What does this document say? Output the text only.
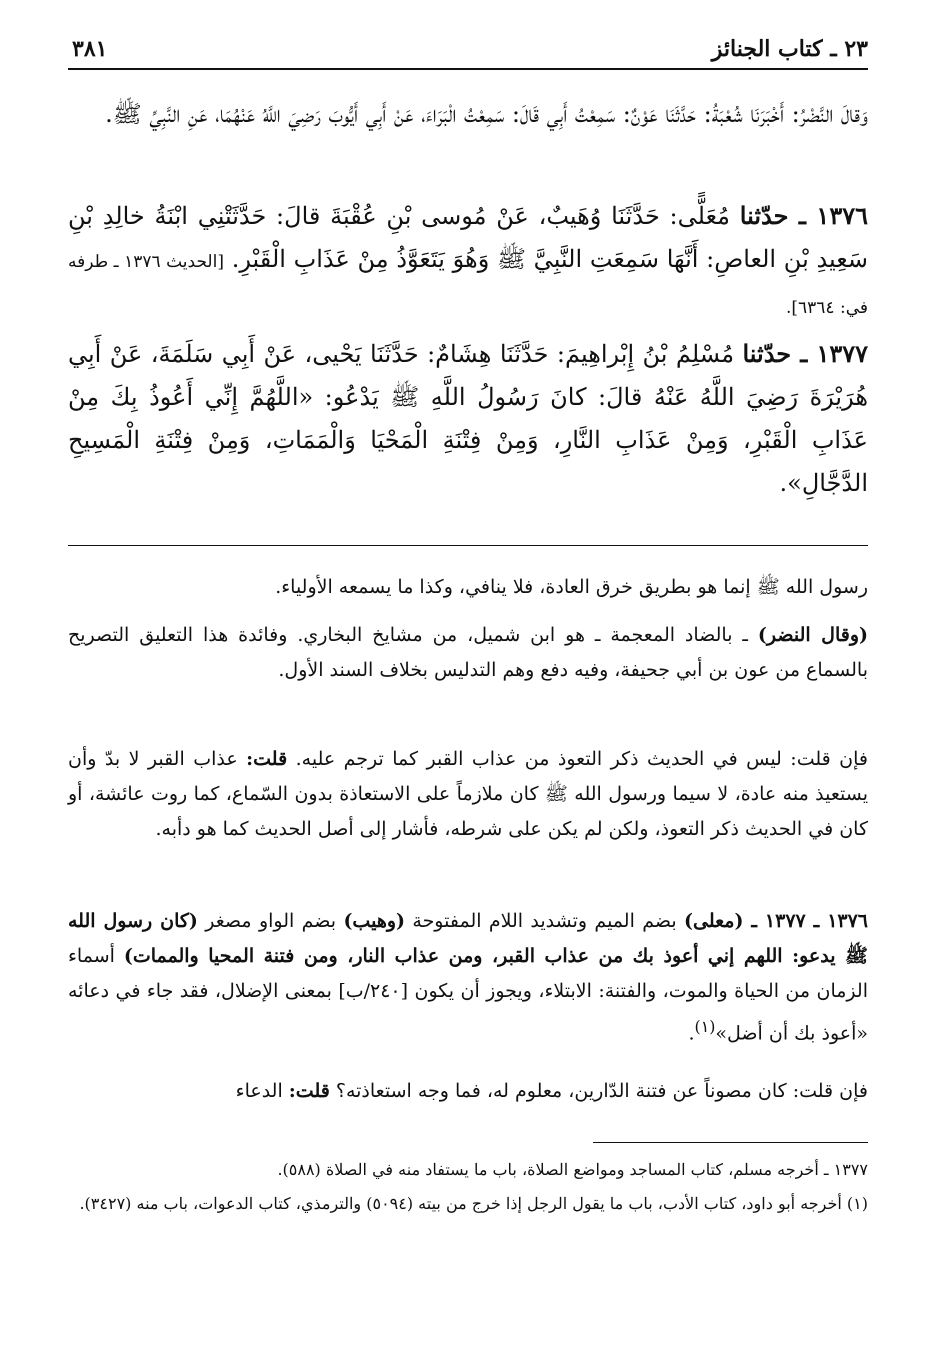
٢٣ ـ كتاب الجنائز
٣٨١
وَقالَ النَّضْرُ: أَخْبَرَنَا شُعْبَةُ: حَدَّثَنَا عَوْنٌ: سَمِعْتُ أَبِي قَالَ: سَمِعْتُ الْبَرَاءَ، عَنْ أَبِي أَيُّوبَ رَضِيَ اللَّهُ عَنْهُمَا، عَنِ النَّبِيِّ ﷺ.
١٣٧٦ ـ حدّثنا مُعَلًّى: حَدَّثَنَا وُهَيبٌ، عَنْ مُوسى بْنِ عُقْبَةَ قالَ: حَدَّثَتْنِي ابْنَةُ خالِدِ بْنِ سَعِيدِ بْنِ العاصِ: أَنَّهَا سَمِعَتِ النَّبِيَّ ﷺ وَهُوَ يَتَعَوَّذُ مِنْ عَذَابِ الْقَبْرِ. [الحديث ١٣٧٦ ـ طرفه في: ٦٣٦٤].
١٣٧٧ ـ حدّثنا مُسْلِمُ بْنُ إِبْراهِيمَ: حَدَّثَنَا هِشَامٌ: حَدَّثَنَا يَحْيى، عَنْ أَبِي سَلَمَةَ، عَنْ أَبِي هُرَيْرَةَ رَضِيَ اللَّهُ عَنْهُ قالَ: كانَ رَسُولُ اللَّهِ ﷺ يَدْعُو: «اللَّهُمَّ إِنِّي أَعُوذُ بِكَ مِنْ عَذَابِ الْقَبْرِ، وَمِنْ عَذَابِ النَّارِ، وَمِنْ فِتْنَةِ الْمَحْيَا وَالْمَمَاتِ، وَمِنْ فِتْنَةِ الْمَسِيحِ الدَّجَّالِ».
رسول الله ﷺ إنما هو بطريق خرق العادة، فلا ينافي، وكذا ما يسمعه الأولياء.
(وقال النضر) ـ بالضاد المعجمة ـ هو ابن شميل، من مشايخ البخاري. وفائدة هذا التعليق التصريح بالسماع من عون بن أبي جحيفة، وفيه دفع وهم التدليس بخلاف السند الأول.
فإن قلت: ليس في الحديث ذكر التعوذ من عذاب القبر كما ترجم عليه. قلت: عذاب القبر لا بدّ وأن يستعيذ منه عادة، لا سيما ورسول الله ﷺ كان ملازماً على الاستعاذة بدون السّماع، كما روت عائشة، أو كان في الحديث ذكر التعوذ، ولكن لم يكن على شرطه، فأشار إلى أصل الحديث كما هو دأبه.
١٣٧٦ ـ ١٣٧٧ ـ (معلى) بضم الميم وتشديد اللام المفتوحة (وهيب) بضم الواو مصغر (كان رسول الله ﷺ يدعو: اللهم إني أعوذ بك من عذاب القبر، ومن عذاب النار، ومن فتنة المحيا والممات) أسماء الزمان من الحياة والموت، والفتنة: الابتلاء، ويجوز أن يكون [٢٤٠/ب] بمعنى الإضلال، فقد جاء في دعائه «أعوذ بك أن أضل»$^{(١)}$.
فإن قلت: كان مصوناً عن فتنة الدّارين، معلوم له، فما وجه استعاذته؟ قلت: الدعاء
١٣٧٧ ـ أخرجه مسلم، كتاب المساجد ومواضع الصلاة، باب ما يستفاد منه في الصلاة (٥٨٨).
(١) أخرجه أبو داود، كتاب الأدب، باب ما يقول الرجل إذا خرج من بيته (٥٠٩٤) والترمذي، كتاب الدعوات، باب منه (٣٤٢٧).
